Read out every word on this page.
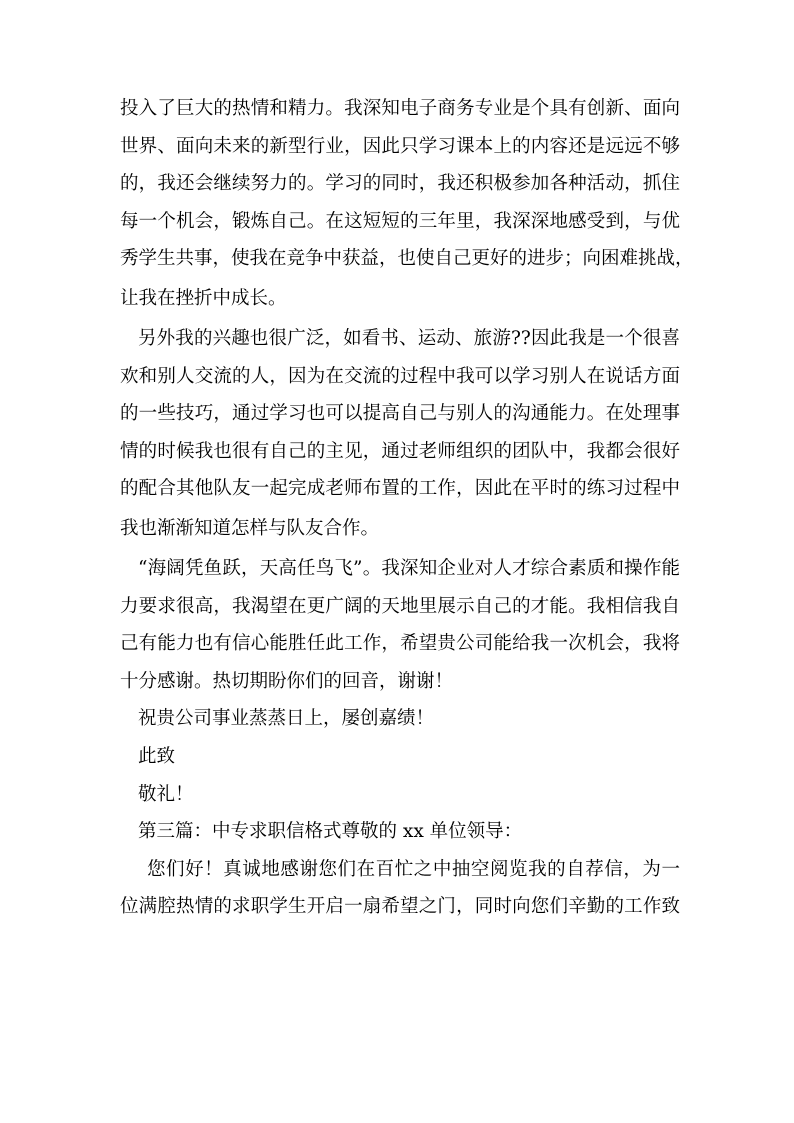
投入了巨大的热情和精力。我深知电子商务专业是个具有创新、面向
世界、面向未来的新型行业，因此只学习课本上的内容还是远远不够
的，我还会继续努力的。学习的同时，我还积极参加各种活动，抓住
每一个机会，锻炼自己。在这短短的三年里，我深深地感受到，与优
秀学生共事，使我在竞争中获益，也使自己更好的进步；向困难挑战，
让我在挫折中成长。
另外我的兴趣也很广泛，如看书、运动、旅游??因此我是一个很喜
欢和别人交流的人，因为在交流的过程中我可以学习别人在说话方面
的一些技巧，通过学习也可以提高自己与别人的沟通能力。在处理事
情的时候我也很有自己的主见，通过老师组织的团队中，我都会很好
的配合其他队友一起完成老师布置的工作，因此在平时的练习过程中
我也渐渐知道怎样与队友合作。
“海阔凭鱼跃，天高任鸟飞”。我深知企业对人才综合素质和操作能
力要求很高，我渴望在更广阔的天地里展示自己的才能。我相信我自
己有能力也有信心能胜任此工作，希望贵公司能给我一次机会，我将
十分感谢。热切期盼你们的回音，谢谢！
祝贵公司事业蒸蒸日上，屡创嘉绩！
此致
敬礼！
第三篇：中专求职信格式尊敬的 xx 单位领导：
您们好！真诚地感谢您们在百忙之中抽空阅览我的自荐信，为一
位满腔热情的求职学生开启一扇希望之门，同时向您们辛勤的工作致
